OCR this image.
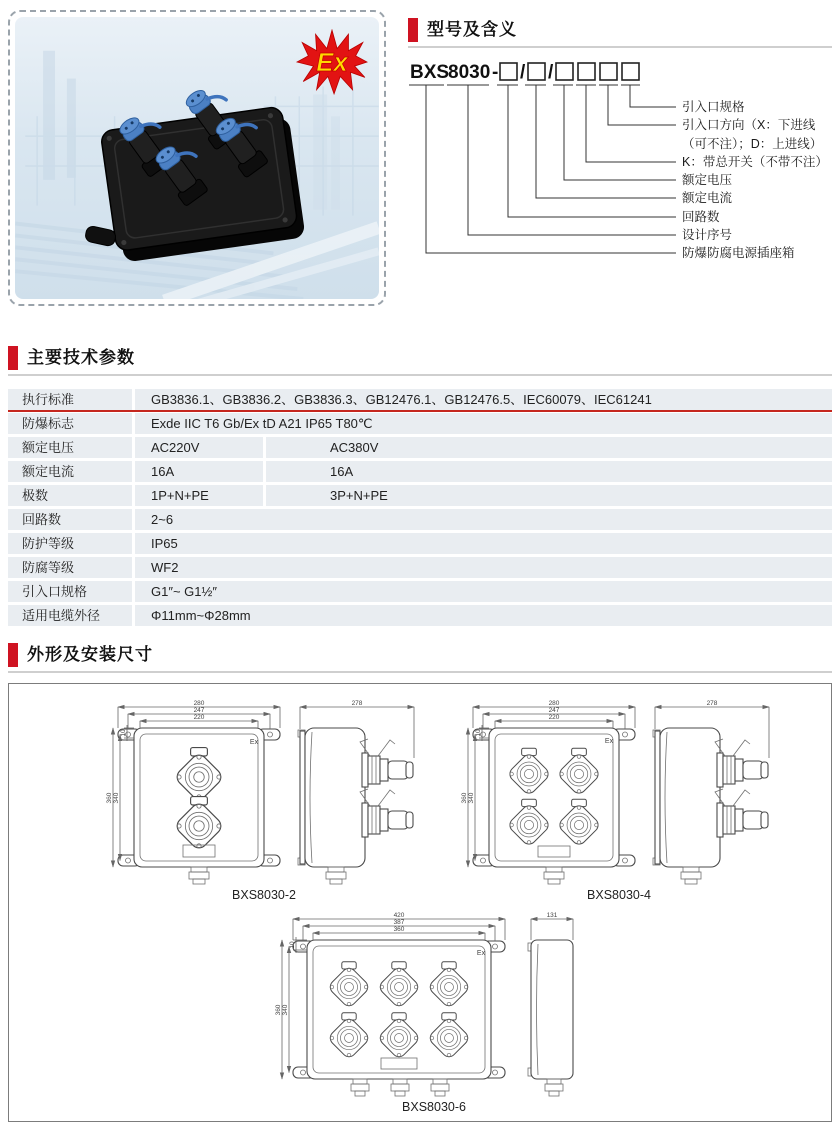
Ex
型号及含义
BXS
8030 - / /
引入口规格
引入口方向（X：下进线
（可不注）；D：上进线）
K：带总开关（不带不注）
额定电压
额定电流
回路数
设计序号
防爆防腐电源插座箱
主要技术参数
执行标准	GB3836.1、GB3836.2、GB3836.3、GB12476.1、GB12476.5、IEC60079、IEC61241
防爆标志	Exde IIC T6 Gb/Ex tD A21 IP65 T80℃
额定电压	AC220V	AC380V
额定电流	16A	16A
极数	1P+N+PE	3P+N+PE
回路数	2~6
防护等级	IP65
防腐等级	WF2
引入口规格	G1″~ G1½″
适用电缆外径	Φ11mm~Φ28mm
外形及安装尺寸
Ex
280
247
220
360 340
10
278
BXS8030-2
Ex
280
247
220
360 340
10
278
BXS8030-4
Ex
420
387
360
360 340
10
131
BXS8030-6
